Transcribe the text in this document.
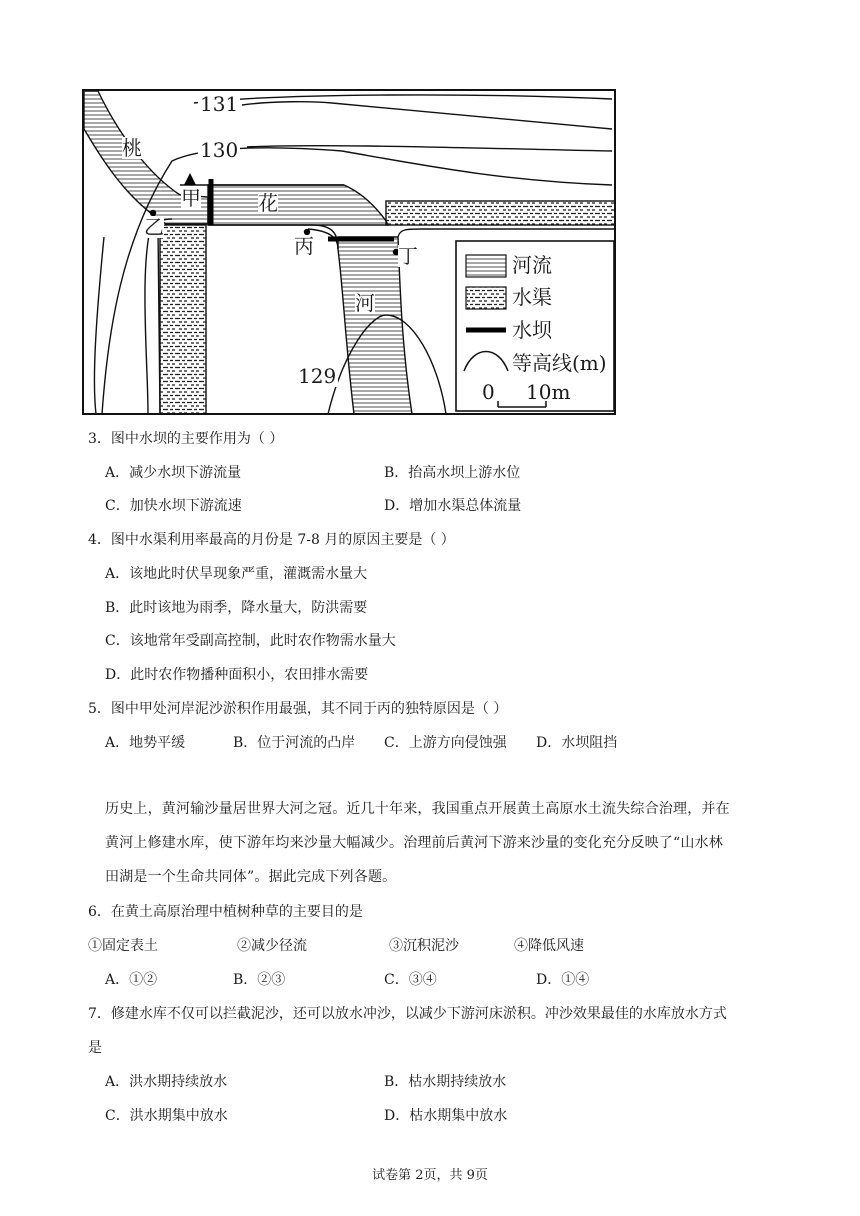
131
130
129
桃
甲	花
乙
丙	丁
河
河流
水渠
水坝
等高线(m)
0 10m
3．图中水坝的主要作用为（ ）
A．减少水坝下游流量	B．抬高水坝上游水位
C．加快水坝下游流速	D．增加水渠总体流量
4．图中水渠利用率最高的月份是 7-8 月的原因主要是（ ）
A．该地此时伏旱现象严重，灌溉需水量大
B．此时该地为雨季，降水量大，防洪需要
C．该地常年受副高控制，此时农作物需水量大
D．此时农作物播种面积小，农田排水需要
5．图中甲处河岸泥沙淤积作用最强，其不同于丙的独特原因是（ ）
A．地势平缓	B．位于河流的凸岸 C．上游方向侵蚀强 D．水坝阻挡
历史上，黄河输沙量居世界大河之冠。近几十年来，我国重点开展黄土高原水土流失综合治理，并在
黄河上修建水库，使下游年均来沙量大幅减少。治理前后黄河下游来沙量的变化充分反映了“山水林
田湖是一个生命共同体”。据此完成下列各题。
6．在黄土高原治理中植树种草的主要目的是
①固定表土	②减少径流	③沉积泥沙	④降低风速
A．①②	B．②③	C．③④	D．①④
7．修建水库不仅可以拦截泥沙，还可以放水冲沙，以减少下游河床淤积。冲沙效果最佳的水库放水方式
是
A．洪水期持续放水	B．枯水期持续放水
C．洪水期集中放水	D．枯水期集中放水
试卷第 2页，共 9页
